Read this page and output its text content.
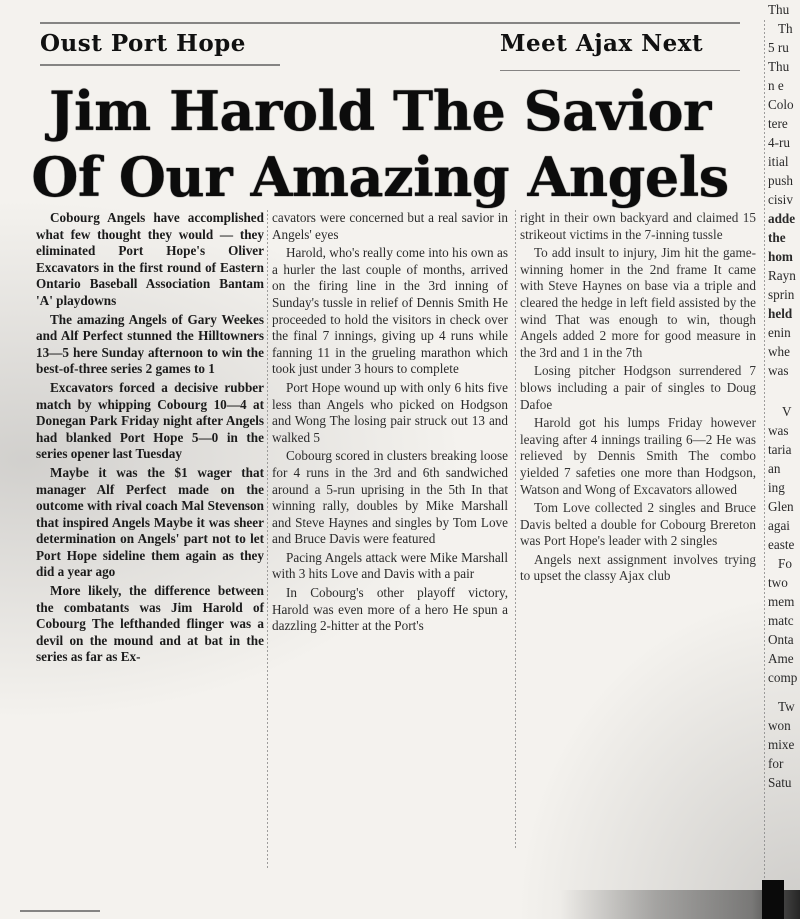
Oust Port Hope	Meet Ajax Next
Jim Harold The Savior
Of Our Amazing Angels

Cobourg Angels have accomplished what few thought they would — they eliminated Port Hope's Oliver Excavators in the first round of Eastern Ontario Baseball Association Bantam 'A' playdowns

The amazing Angels of Gary Weekes and Alf Perfect stunned the Hilltowners 13—5 here Sunday afternoon to win the best-of-three series 2 games to 1

Excavators forced a decisive rubber match by whipping Cobourg 10—4 at Donegan Park Friday night after Angels had blanked Port Hope 5—0 in the series opener last Tuesday

Maybe it was the $1 wager that manager Alf Perfect made on the outcome with rival coach Mal Stevenson that inspired Angels Maybe it was sheer determination on Angels' part not to let Port Hope sideline them again as they did a year ago

More likely, the difference between the combatants was Jim Harold of Cobourg The lefthanded flinger was a devil on the mound and at bat in the series as far as Ex-

cavators were concerned but a real savior in Angels' eyes

Harold, who's really come into his own as a hurler the last couple of months, arrived on the firing line in the 3rd inning of Sunday's tussle in relief of Dennis Smith He proceeded to hold the visitors in check over the final 7 innings, giving up 4 runs while fanning 11 in the grueling marathon which took just under 3 hours to complete

Port Hope wound up with only 6 hits five less than Angels who picked on Hodgson and Wong The losing pair struck out 13 and walked 5

Cobourg scored in clusters breaking loose for 4 runs in the 3rd and 6th sandwiched around a 5-run uprising in the 5th In that winning rally, doubles by Mike Marshall and Steve Haynes and singles by Tom Love and Bruce Davis were featured

Pacing Angels attack were Mike Marshall with 3 hits Love and Davis with a pair

In Cobourg's other playoff victory, Harold was even more of a hero He spun a dazzling 2-hitter at the Port's

right in their own backyard and claimed 15 strikeout victims in the 7-inning tussle

To add insult to injury, Jim hit the game-winning homer in the 2nd frame It came with Steve Haynes on base via a triple and cleared the hedge in left field assisted by the wind That was enough to win, though Angels added 2 more for good measure in the 3rd and 1 in the 7th

Losing pitcher Hodgson surrendered 7 blows including a pair of singles to Doug Dafoe

Harold got his lumps Friday however leaving after 4 innings trailing 6—2 He was relieved by Dennis Smith The combo yielded 7 safeties one more than Hodgson, Watson and Wong of Excavators allowed

Tom Love collected 2 singles and Bruce Davis belted a double for Cobourg Brereton was Port Hope's leader with 2 singles

Angels next assignment involves trying to upset the classy Ajax club

Thu
Th
5 ru
Thu
n e
Colo
tere
4-ru
itial
push
cisiv
adde
the
hom
Rayn
sprin
held
enin
whe
was
V
was
taria
an
ing
Glen
agai
easte
Fo
two
mem
matc
Onta
Ame
comp
Tw
won
mixe
for
Satu
